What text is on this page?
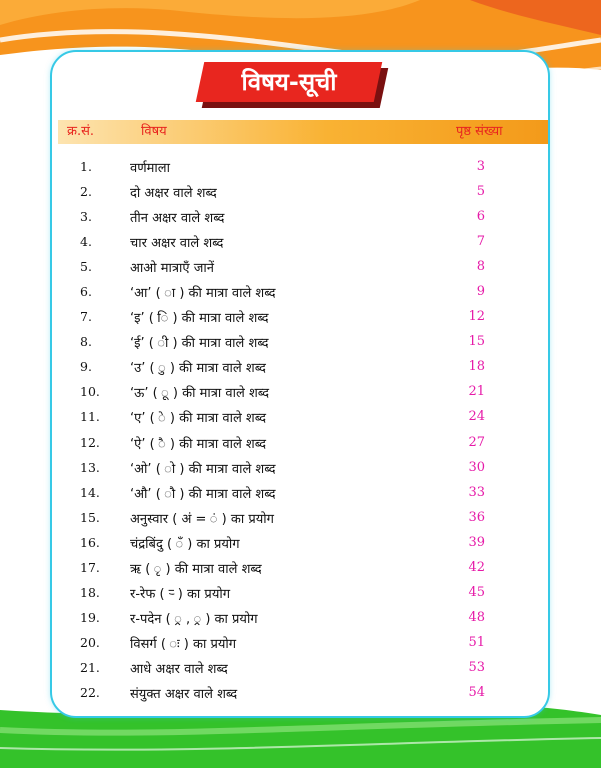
विषय-सूची
क्र.सं.	विषय	पृष्ठ संख्या
1.	वर्णमाला	3
2.	दो अक्षर वाले शब्द	5
3.	तीन अक्षर वाले शब्द	6
4.	चार अक्षर वाले शब्द	7
5.	आओ मात्राएँ जानें	8
6.	‘आ’ ( ा ) की मात्रा वाले शब्द	9
7.	‘इ’ ( ि ) की मात्रा वाले शब्द	12
8.	‘ई’ ( ी ) की मात्रा वाले शब्द	15
9.	‘उ’ ( ु ) की मात्रा वाले शब्द	18
10. ‘ऊ’ ( ू ) की मात्रा वाले शब्द	21
11. ‘ए’ ( े ) की मात्रा वाले शब्द	24
12. ‘ऐ’ ( ै ) की मात्रा वाले शब्द	27
13. ‘ओ’ ( ो ) की मात्रा वाले शब्द	30
14. ‘औ’ ( ौ ) की मात्रा वाले शब्द	33
15. अनुस्वार ( अं = ं ) का प्रयोग	36
16. चंद्रबिंदु ( ँ ) का प्रयोग	39
17. ऋ ( ृ ) की मात्रा वाले शब्द	42
18. र-रेफ ( र्‍ ) का प्रयोग	45
19. र-पदेन ( ्र , ्र ) का प्रयोग	48
20. विसर्ग ( ः ) का प्रयोग	51
21. आधे अक्षर वाले शब्द	53
22. संयुक्त अक्षर वाले शब्द	54
